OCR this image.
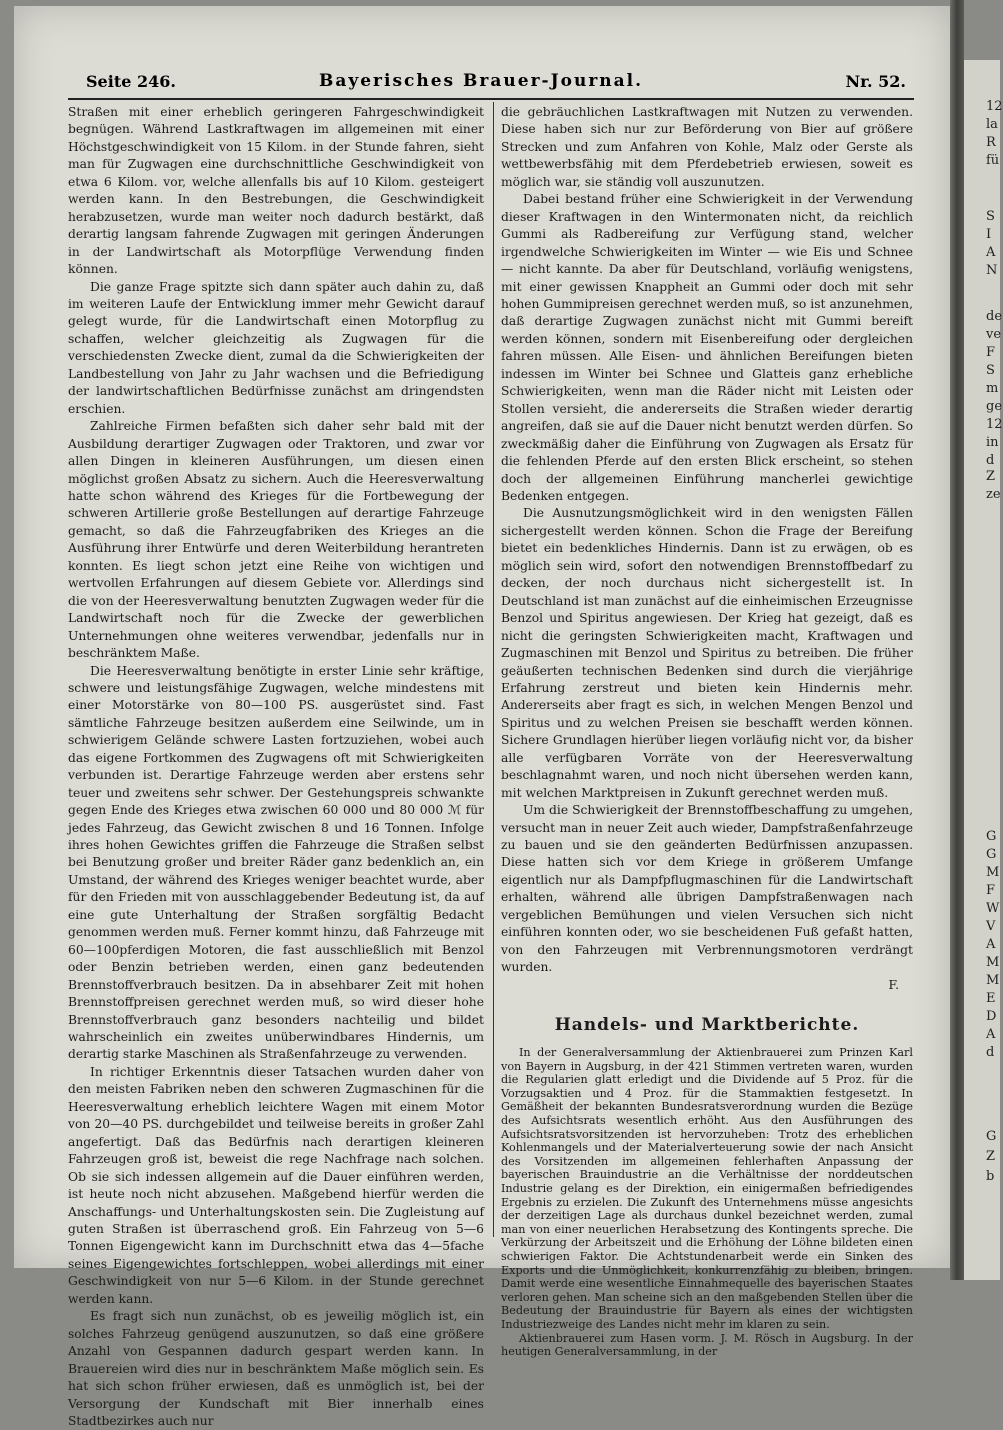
12
la
R
fü
S
I
A
N
de
ve
F
S
m
ge
12
in
d
Z
ze
G
G
M
F
W
V
A
M
M
E
D
A
d
G
Z
b
Seite 246.	Bayerisches Brauer-Journal.	Nr. 52.

Straßen mit einer erheblich geringeren Fahrgeschwindigkeit begnügen. Während Lastkraftwagen im allgemeinen mit einer Höchstgeschwindigkeit von 15 Kilom. in der Stunde fahren, sieht man für Zugwagen eine durchschnittliche Geschwindigkeit von etwa 6 Kilom. vor, welche allenfalls bis auf 10 Kilom. gesteigert werden kann. In den Bestrebungen, die Geschwindigkeit herabzusetzen, wurde man weiter noch dadurch bestärkt, daß derartig langsam fahrende Zugwagen mit geringen Änderungen in der Landwirtschaft als Motorpflüge Verwendung finden können.

Die ganze Frage spitzte sich dann später auch dahin zu, daß im weiteren Laufe der Entwicklung immer mehr Gewicht darauf gelegt wurde, für die Landwirtschaft einen Motorpflug zu schaffen, welcher gleichzeitig als Zugwagen für die verschiedensten Zwecke dient, zumal da die Schwierigkeiten der Landbestellung von Jahr zu Jahr wachsen und die Befriedigung der landwirtschaftlichen Bedürfnisse zunächst am dringendsten erschien.

Zahlreiche Firmen befaßten sich daher sehr bald mit der Ausbildung derartiger Zugwagen oder Traktoren, und zwar vor allen Dingen in kleineren Ausführungen, um diesen einen möglichst großen Absatz zu sichern. Auch die Heeresverwaltung hatte schon während des Krieges für die Fortbewegung der schweren Artillerie große Bestellungen auf derartige Fahrzeuge gemacht, so daß die Fahrzeugfabriken des Krieges an die Ausführung ihrer Entwürfe und deren Weiterbildung herantreten konnten. Es liegt schon jetzt eine Reihe von wichtigen und wertvollen Erfahrungen auf diesem Gebiete vor. Allerdings sind die von der Heeresverwaltung benutzten Zugwagen weder für die Landwirtschaft noch für die Zwecke der gewerblichen Unternehmungen ohne weiteres verwendbar, jedenfalls nur in beschränktem Maße.

Die Heeresverwaltung benötigte in erster Linie sehr kräftige, schwere und leistungsfähige Zugwagen, welche mindestens mit einer Motorstärke von 80—100 PS. ausgerüstet sind. Fast sämtliche Fahrzeuge besitzen außerdem eine Seilwinde, um in schwierigem Gelände schwere Lasten fortzuziehen, wobei auch das eigene Fortkommen des Zugwagens oft mit Schwierigkeiten verbunden ist. Derartige Fahrzeuge werden aber erstens sehr teuer und zweitens sehr schwer. Der Gestehungspreis schwankte gegen Ende des Krieges etwa zwischen 60 000 und 80 000 ℳ für jedes Fahrzeug, das Gewicht zwischen 8 und 16 Tonnen. Infolge ihres hohen Gewichtes griffen die Fahrzeuge die Straßen selbst bei Benutzung großer und breiter Räder ganz bedenklich an, ein Umstand, der während des Krieges weniger beachtet wurde, aber für den Frieden mit von ausschlaggebender Bedeutung ist, da auf eine gute Unterhaltung der Straßen sorgfältig Bedacht genommen werden muß. Ferner kommt hinzu, daß Fahrzeuge mit 60—100pferdigen Motoren, die fast ausschließlich mit Benzol oder Benzin betrieben werden, einen ganz bedeutenden Brennstoffverbrauch besitzen. Da in absehbarer Zeit mit hohen Brennstoffpreisen gerechnet werden muß, so wird dieser hohe Brennstoffverbrauch ganz besonders nachteilig und bildet wahrscheinlich ein zweites unüberwindbares Hindernis, um derartig starke Maschinen als Straßenfahrzeuge zu verwenden.

In richtiger Erkenntnis dieser Tatsachen wurden daher von den meisten Fabriken neben den schweren Zugmaschinen für die Heeresverwaltung erheblich leichtere Wagen mit einem Motor von 20—40 PS. durchgebildet und teilweise bereits in großer Zahl angefertigt. Daß das Bedürfnis nach derartigen kleineren Fahrzeugen groß ist, beweist die rege Nachfrage nach solchen. Ob sie sich indessen allgemein auf die Dauer einführen werden, ist heute noch nicht abzusehen. Maßgebend hierfür werden die Anschaffungs- und Unterhaltungskosten sein. Die Zugleistung auf guten Straßen ist überraschend groß. Ein Fahrzeug von 5—6 Tonnen Eigengewicht kann im Durchschnitt etwa das 4—5fache seines Eigengewichtes fortschleppen, wobei allerdings mit einer Geschwindigkeit von nur 5—6 Kilom. in der Stunde gerechnet werden kann.

Es fragt sich nun zunächst, ob es jeweilig möglich ist, ein solches Fahrzeug genügend auszunutzen, so daß eine größere Anzahl von Gespannen dadurch gespart werden kann. In Brauereien wird dies nur in beschränktem Maße möglich sein. Es hat sich schon früher erwiesen, daß es unmöglich ist, bei der Versorgung der Kundschaft mit Bier innerhalb eines Stadtbezirkes auch nur

die gebräuchlichen Lastkraftwagen mit Nutzen zu verwenden. Diese haben sich nur zur Beförderung von Bier auf größere Strecken und zum Anfahren von Kohle, Malz oder Gerste als wettbewerbsfähig mit dem Pferdebetrieb erwiesen, soweit es möglich war, sie ständig voll auszunutzen.

Dabei bestand früher eine Schwierigkeit in der Verwendung dieser Kraftwagen in den Wintermonaten nicht, da reichlich Gummi als Radbereifung zur Verfügung stand, welcher irgendwelche Schwierigkeiten im Winter — wie Eis und Schnee — nicht kannte. Da aber für Deutschland, vorläufig wenigstens, mit einer gewissen Knappheit an Gummi oder doch mit sehr hohen Gummipreisen gerechnet werden muß, so ist anzunehmen, daß derartige Zugwagen zunächst nicht mit Gummi bereift werden können, sondern mit Eisenbereifung oder dergleichen fahren müssen. Alle Eisen- und ähnlichen Bereifungen bieten indessen im Winter bei Schnee und Glatteis ganz erhebliche Schwierigkeiten, wenn man die Räder nicht mit Leisten oder Stollen versieht, die andererseits die Straßen wieder derartig angreifen, daß sie auf die Dauer nicht benutzt werden dürfen. So zweckmäßig daher die Einführung von Zugwagen als Ersatz für die fehlenden Pferde auf den ersten Blick erscheint, so stehen doch der allgemeinen Einführung mancherlei gewichtige Bedenken entgegen.

Die Ausnutzungsmöglichkeit wird in den wenigsten Fällen sichergestellt werden können. Schon die Frage der Bereifung bietet ein bedenkliches Hindernis. Dann ist zu erwägen, ob es möglich sein wird, sofort den notwendigen Brennstoffbedarf zu decken, der noch durchaus nicht sichergestellt ist. In Deutschland ist man zunächst auf die einheimischen Erzeugnisse Benzol und Spiritus angewiesen. Der Krieg hat gezeigt, daß es nicht die geringsten Schwierigkeiten macht, Kraftwagen und Zugmaschinen mit Benzol und Spiritus zu betreiben. Die früher geäußerten technischen Bedenken sind durch die vierjährige Erfahrung zerstreut und bieten kein Hindernis mehr. Andererseits aber fragt es sich, in welchen Mengen Benzol und Spiritus und zu welchen Preisen sie beschafft werden können. Sichere Grundlagen hierüber liegen vorläufig nicht vor, da bisher alle verfügbaren Vorräte von der Heeresverwaltung beschlagnahmt waren, und noch nicht übersehen werden kann, mit welchen Marktpreisen in Zukunft gerechnet werden muß.

Um die Schwierigkeit der Brennstoffbeschaffung zu umgehen, versucht man in neuer Zeit auch wieder, Dampfstraßenfahrzeuge zu bauen und sie den geänderten Bedürfnissen anzupassen. Diese hatten sich vor dem Kriege in größerem Umfange eigentlich nur als Dampfpflugmaschinen für die Landwirtschaft erhalten, während alle übrigen Dampfstraßenwagen nach vergeblichen Bemühungen und vielen Versuchen sich nicht einführen konnten oder, wo sie bescheidenen Fuß gefaßt hatten, von den Fahrzeugen mit Verbrennungsmotoren verdrängt wurden.

F.

Handels- und Marktberichte.

In der Generalversammlung der Aktienbrauerei zum Prinzen Karl von Bayern in Augsburg, in der 421 Stimmen vertreten waren, wurden die Regularien glatt erledigt und die Dividende auf 5 Proz. für die Vorzugsaktien und 4 Proz. für die Stammaktien festgesetzt. In Gemäßheit der bekannten Bundesratsverordnung wurden die Bezüge des Aufsichtsrats wesentlich erhöht. Aus den Ausführungen des Aufsichtsratsvorsitzenden ist hervorzuheben: Trotz des erheblichen Kohlenmangels und der Materialverteuerung sowie der nach Ansicht des Vorsitzenden im allgemeinen fehlerhaften Anpassung der bayerischen Brauindustrie an die Verhältnisse der norddeutschen Industrie gelang es der Direktion, ein einigermaßen befriedigendes Ergebnis zu erzielen. Die Zukunft des Unternehmens müsse angesichts der derzeitigen Lage als durchaus dunkel bezeichnet werden, zumal man von einer neuerlichen Herabsetzung des Kontingents spreche. Die Verkürzung der Arbeitszeit und die Erhöhung der Löhne bildeten einen schwierigen Faktor. Die Achtstundenarbeit werde ein Sinken des Exports und die Unmöglichkeit, konkurrenzfähig zu bleiben, bringen. Damit werde eine wesentliche Einnahmequelle des bayerischen Staates verloren gehen. Man scheine sich an den maßgebenden Stellen über die Bedeutung der Brauindustrie für Bayern als eines der wichtigsten Industriezweige des Landes nicht mehr im klaren zu sein.

Aktienbrauerei zum Hasen vorm. J. M. Rösch in Augsburg. In der heutigen Generalversammlung, in der
